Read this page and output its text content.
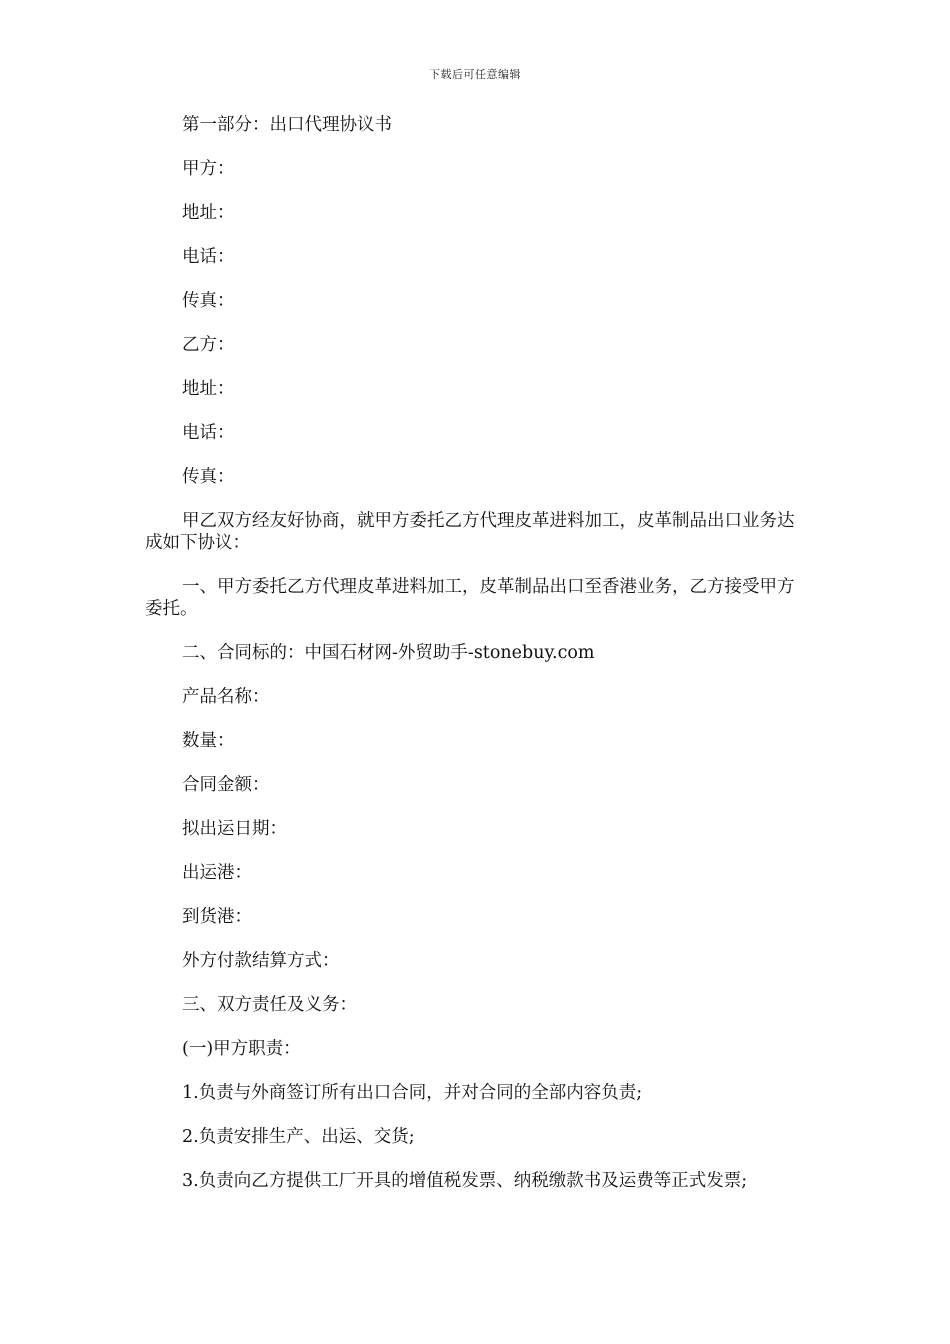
下载后可任意编辑

第一部分：出口代理协议书

甲方：

地址：

电话：

传真：

乙方：

地址：

电话：

传真：

甲乙双方经友好协商，就甲方委托乙方代理皮革进料加工，皮革制品出口业务达成如下协议：

一、甲方委托乙方代理皮革进料加工，皮革制品出口至香港业务，乙方接受甲方委托。

二、合同标的：中国石材网-外贸助手-stonebuy.com

产品名称：

数量：

合同金额：

拟出运日期：

出运港：

到货港：

外方付款结算方式：

三、双方责任及义务：

(一)甲方职责：

1.负责与外商签订所有出口合同，并对合同的全部内容负责;

2.负责安排生产、出运、交货;

3.负责向乙方提供工厂开具的增值税发票、纳税缴款书及运费等正式发票;
